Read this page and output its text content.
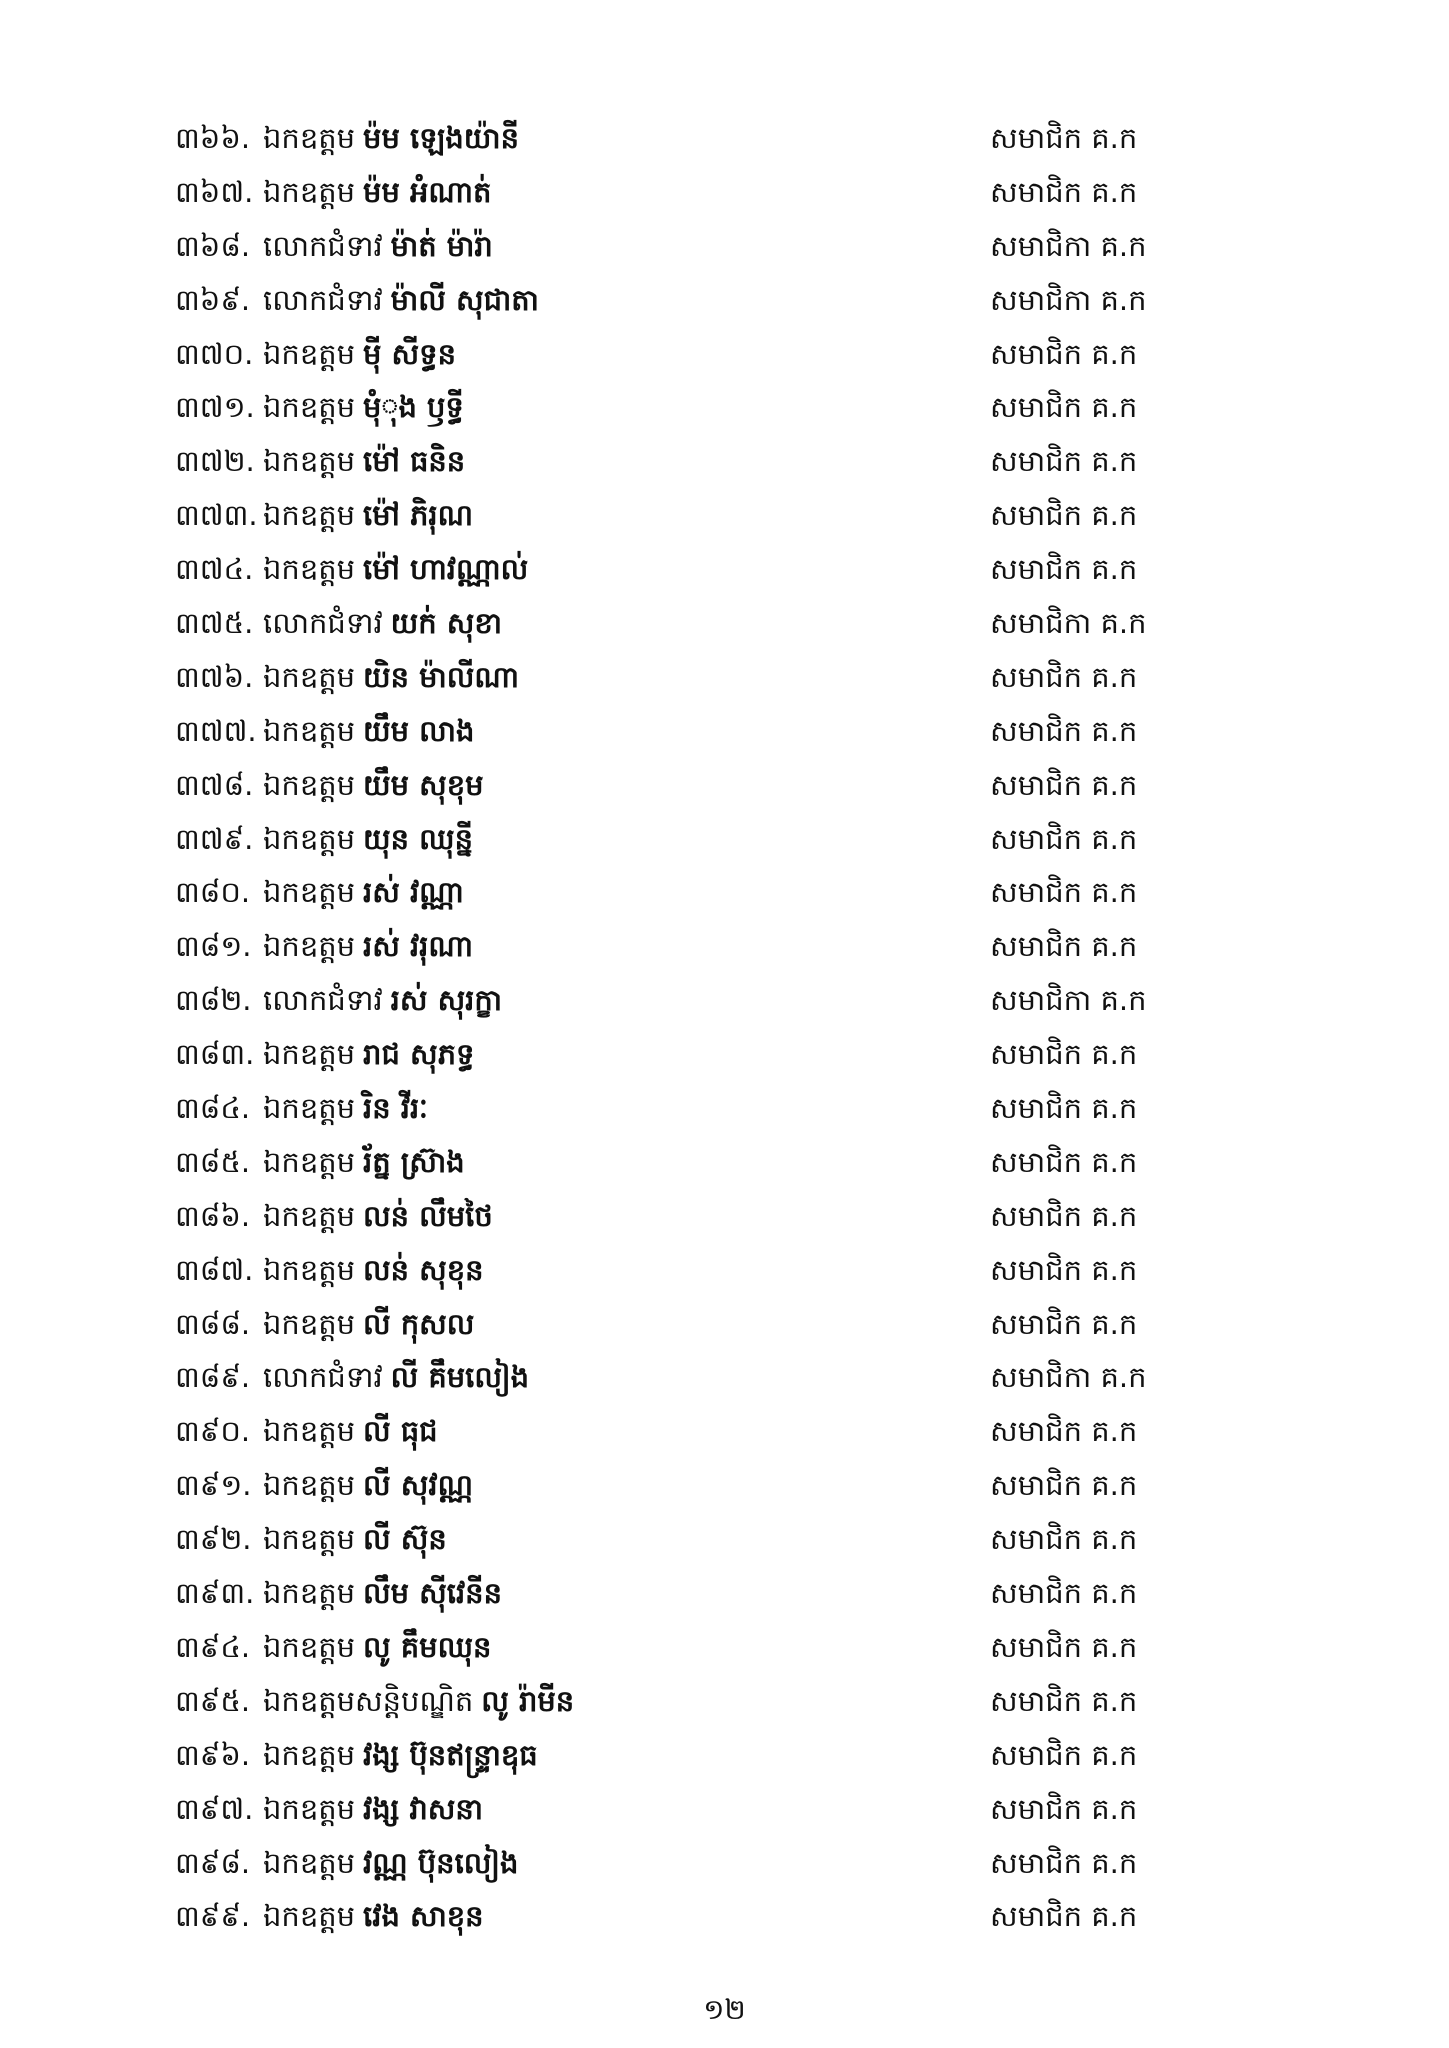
៣៦៦. ឯកឧត្តម ម៉ម ឡេងយ៉ានី	សមាជិក គ.ក
៣៦៧. ឯកឧត្តម ម៉ម អំណាត់	សមាជិក គ.ក
៣៦៨. លោកជំទាវ ម៉ាត់ ម៉ារ៉ា	សមាជិកា គ.ក
៣៦៩. លោកជំទាវ ម៉ាលី សុជាតា	សមាជិកា គ.ក
៣៧០. ឯកឧត្តម មុី សីទ្ធន	សមាជិក គ.ក
៣៧១. ឯកឧត្តម មុំុង ឫទ្ធី	សមាជិក គ.ក
៣៧២. ឯកឧត្តម ម៉ៅ ធនិន	សមាជិក គ.ក
៣៧៣. ឯកឧត្តម ម៉ៅ ភិរុណ	សមាជិក គ.ក
៣៧៤. ឯកឧត្តម ម៉ៅ ហាវណ្ណាល់	សមាជិក គ.ក
៣៧៥. លោកជំទាវ យក់ សុខា	សមាជិកា គ.ក
៣៧៦. ឯកឧត្តម យិន ម៉ាលីណា	សមាជិក គ.ក
៣៧៧. ឯកឧត្តម យឹម លាង	សមាជិក គ.ក
៣៧៨. ឯកឧត្តម យឹម សុខុម	សមាជិក គ.ក
៣៧៩. ឯកឧត្តម យុន ឈុន្នី	សមាជិក គ.ក
៣៨០. ឯកឧត្តម រស់ វណ្ណា	សមាជិក គ.ក
៣៨១. ឯកឧត្តម រស់ វរុណា	សមាជិក គ.ក
៣៨២. លោកជំទាវ រស់ សុរក្ខា	សមាជិកា គ.ក
៣៨៣. ឯកឧត្តម រាជ សុភទ្ធ	សមាជិក គ.ក
៣៨៤. ឯកឧត្តម រិន វីរៈ	សមាជិក គ.ក
៣៨៥. ឯកឧត្តម រ័ត្ន ស្រ៊ាង	សមាជិក គ.ក
៣៨៦. ឯកឧត្តម លន់ លឹមថៃ	សមាជិក គ.ក
៣៨៧. ឯកឧត្តម លន់ សុខុន	សមាជិក គ.ក
៣៨៨. ឯកឧត្តម លី កុសល	សមាជិក គ.ក
៣៨៩. លោកជំទាវ លី គឹមលៀង	សមាជិកា គ.ក
៣៩០. ឯកឧត្តម លី ធុជ	សមាជិក គ.ក
៣៩១. ឯកឧត្តម លី សុវណ្ណ	សមាជិក គ.ក
៣៩២. ឯកឧត្តម លី ស៊ុន	សមាជិក គ.ក
៣៩៣. ឯកឧត្តម លឹម ស៊ីវេនីន	សមាជិក គ.ក
៣៩៤. ឯកឧត្តម លូ គឹមឈុន	សមាជិក គ.ក
៣៩៥. ឯកឧត្តមសន្តិបណ្ឌិត លូ រ៉ាមីន	សមាជិក គ.ក
៣៩៦. ឯកឧត្តម វង្ស ប៊ុនឥន្ទ្រាឧុធ	សមាជិក គ.ក
៣៩៧. ឯកឧត្តម វង្ស វាសនា	សមាជិក គ.ក
៣៩៨. ឯកឧត្តម វណ្ណ ប៊ុនលៀង	សមាជិក គ.ក
៣៩៩. ឯកឧត្តម វេង សាខុន	សមាជិក គ.ក
១២
